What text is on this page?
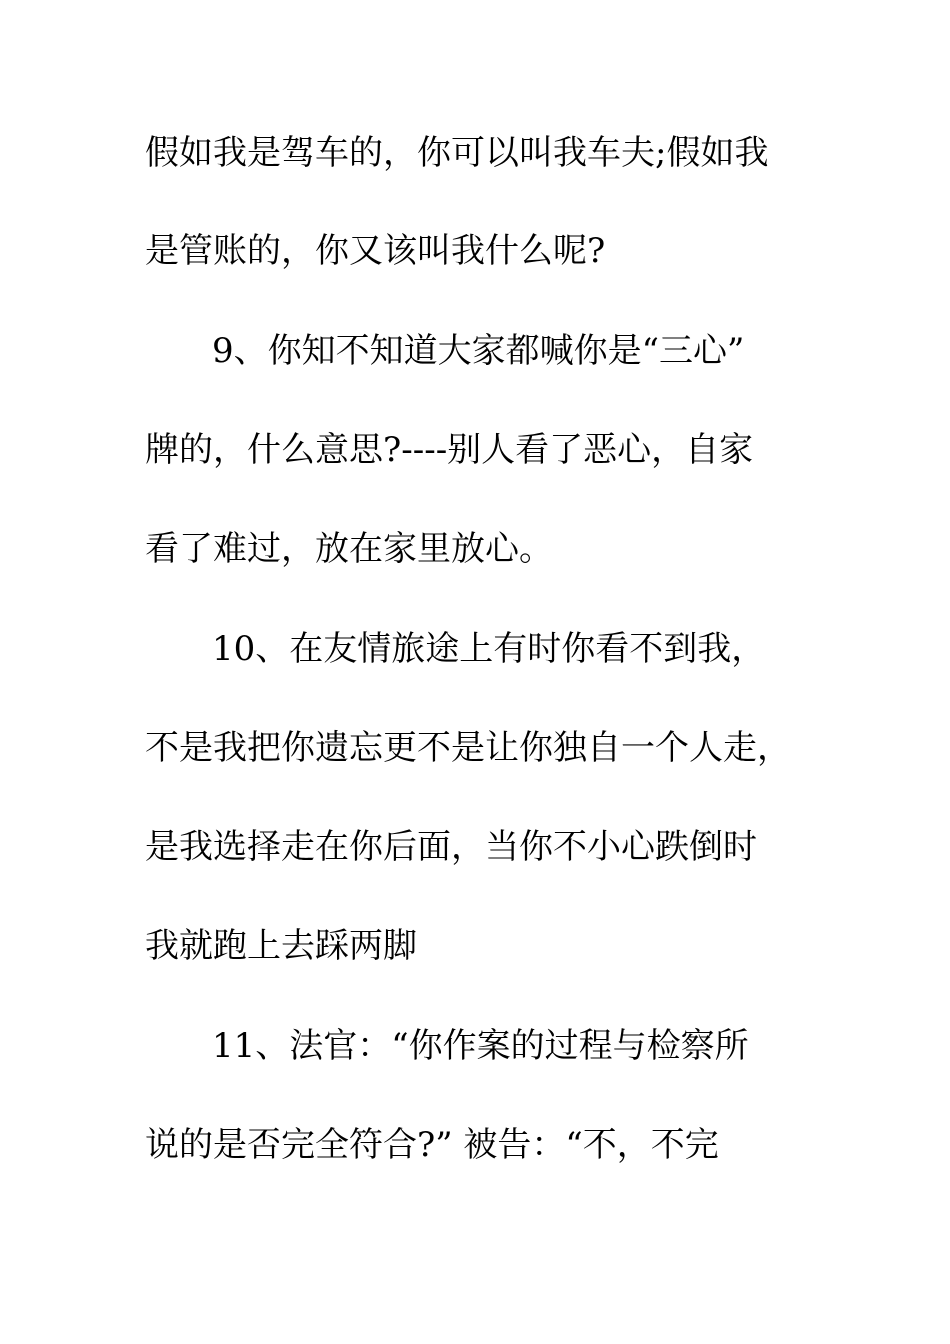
假如我是驾车的，你可以叫我车夫;假如我
是管账的，你又该叫我什么呢?
9、你知不知道大家都喊你是“三心”
牌的，什么意思?----别人看了恶心，自家
看了难过，放在家里放心。
10、在友情旅途上有时你看不到我，
不是我把你遗忘更不是让你独自一个人走，
是我选择走在你后面，当你不小心跌倒时
我就跑上去踩两脚
11、法官：“你作案的过程与检察所
说的是否完全符合?” 被告：“不，不完
